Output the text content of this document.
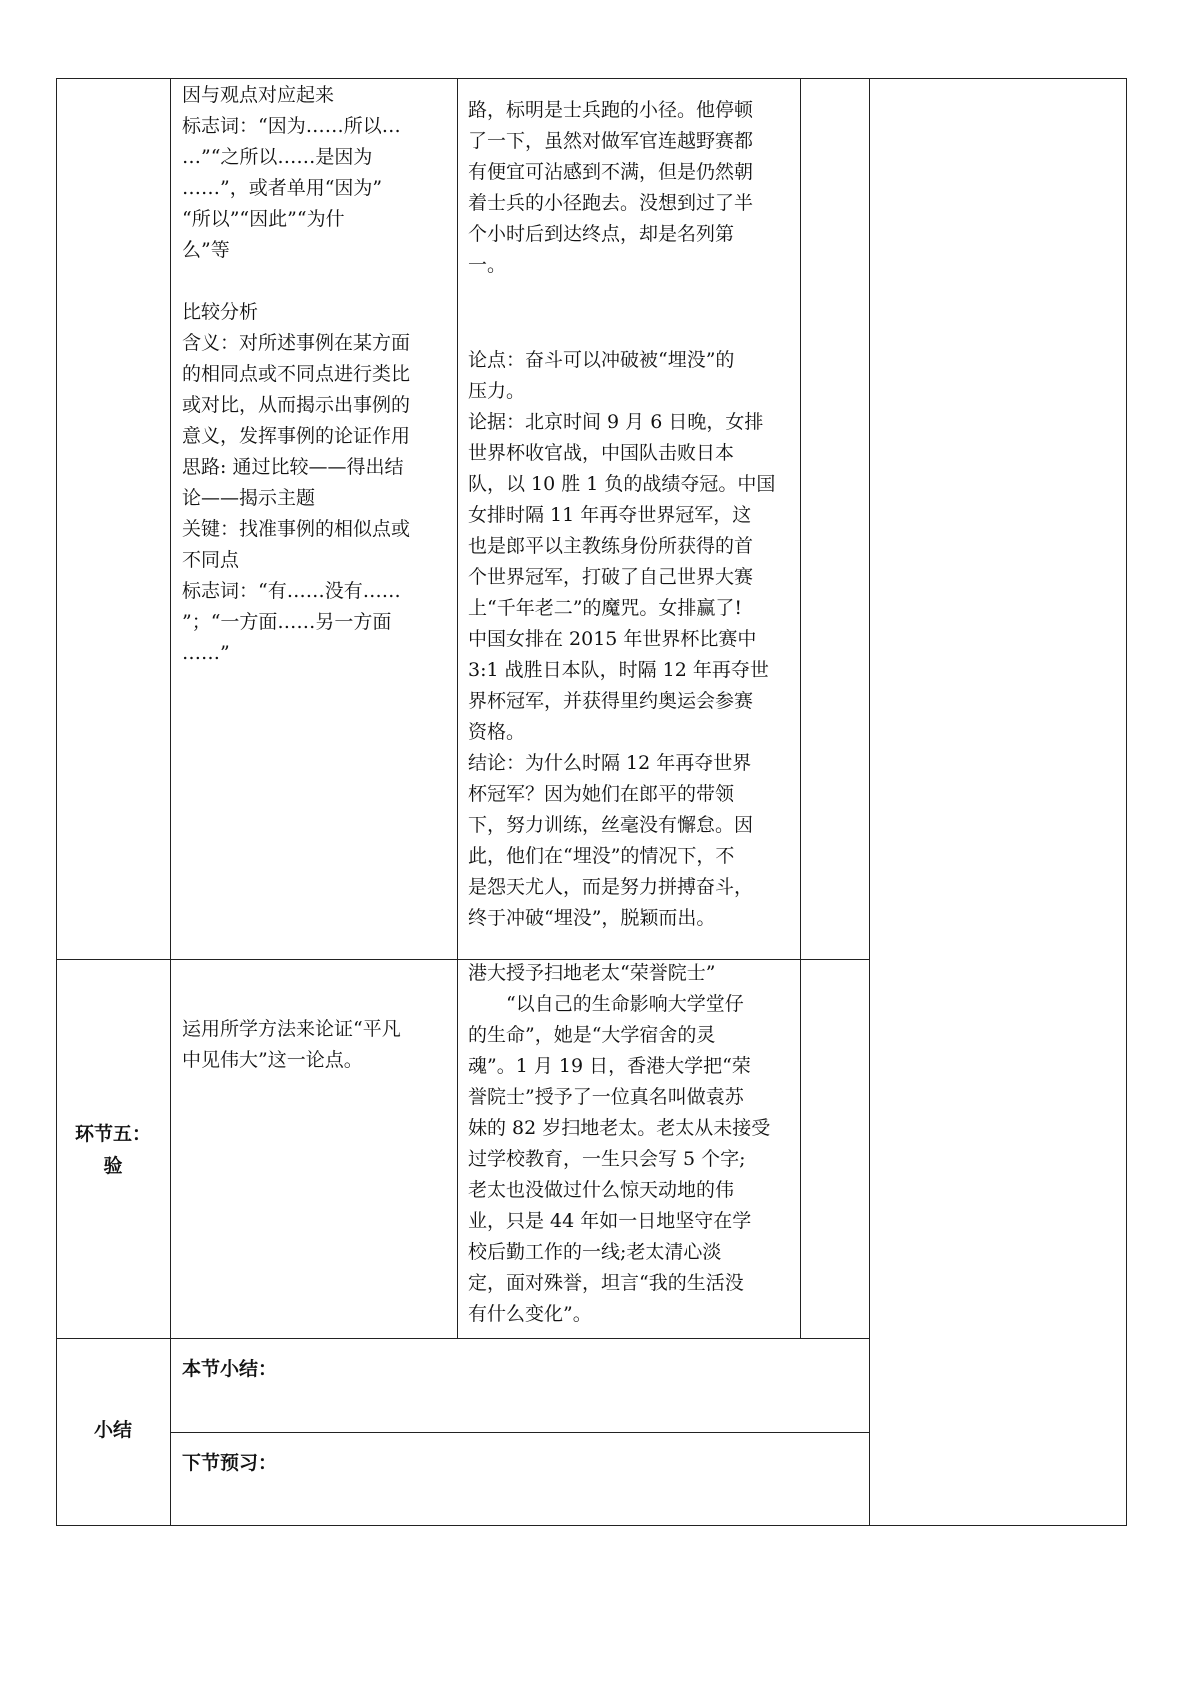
因与观点对应起来
标志词：“因为……所以…
…”“之所以……是因为
……”，或者单用“因为”
“所以”“因此”“为什
么”等

比较分析
含义：对所述事例在某方面
的相同点或不同点进行类比
或对比，从而揭示出事例的
意义，发挥事例的论证作用
思路: 通过比较——得出结
论——揭示主题
关键：找准事例的相似点或
不同点
标志词：“有……没有……
”；“一方面……另一方面
……”
路，标明是士兵跑的小径。他停顿
了一下，虽然对做军官连越野赛都
有便宜可沾感到不满，但是仍然朝
着士兵的小径跑去。没想到过了半
个小时后到达终点，却是名列第
一。
论点：奋斗可以冲破被“埋没”的
压力。
论据：北京时间 9 月 6 日晚，女排
世界杯收官战，中国队击败日本
队，以 10 胜 1 负的战绩夺冠。中国
女排时隔 11 年再夺世界冠军，这
也是郎平以主教练身份所获得的首
个世界冠军，打破了自己世界大赛
上“千年老二”的魔咒。女排赢了!
中国女排在 2015 年世界杯比赛中
3:1 战胜日本队，时隔 12 年再夺世
界杯冠军，并获得里约奥运会参赛
资格。
结论：为什么时隔 12 年再夺世界
杯冠军？因为她们在郎平的带领
下，努力训练，丝毫没有懈怠。因
此，他们在“埋没”的情况下，不
是怨天尤人，而是努力拼搏奋斗，
终于冲破“埋没”，脱颖而出。
环节五：
验
运用所学方法来论证“平凡
中见伟大”这一论点。
港大授予扫地老太“荣誉院士”
　　“以自己的生命影响大学堂仔
的生命”，她是“大学宿舍的灵
魂”。1 月 19 日，香港大学把“荣
誉院士”授予了一位真名叫做袁苏
妹的 82 岁扫地老太。老太从未接受
过学校教育，一生只会写 5 个字;
老太也没做过什么惊天动地的伟
业，只是 44 年如一日地坚守在学
校后勤工作的一线;老太清心淡
定，面对殊誉，坦言“我的生活没
有什么变化”。
小结
本节小结：
下节预习：
